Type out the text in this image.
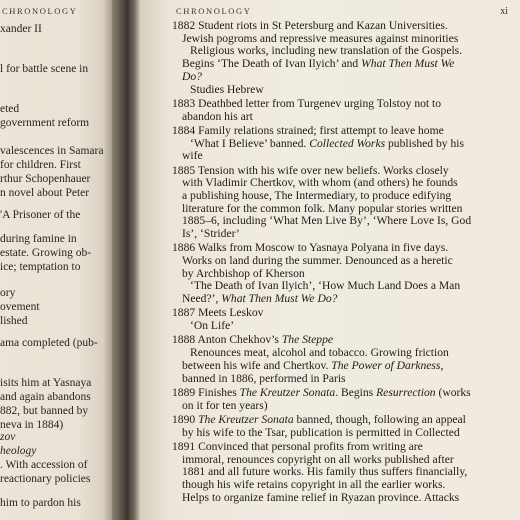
CHRONOLOGY
xander II
l for battle scene in
eted
government reform
valescences in Samara
for children. First
rthur Schopenhauer
n novel about Peter
'A Prisoner of the
during famine in
estate. Growing ob-
ice; temptation to
ory
ovement
lished
ama completed (pub-
isits him at Yasnaya
and again abandons
882, but banned by
neva in 1884)
zov
heology
. With accession of
reactionary policies
him to pardon his
CHRONOLOGY	xi
1882 Student riots in St Petersburg and Kazan Universities.
Jewish pogroms and repressive measures against minorities
Religious works, including new translation of the Gospels.
Begins ‘The Death of Ivan Ilyich’ and What Then Must We
Do?
Studies Hebrew
1883 Deathbed letter from Turgenev urging Tolstoy not to
abandon his art
1884 Family relations strained; first attempt to leave home
‘What I Believe’ banned. Collected Works published by his
wife
1885 Tension with his wife over new beliefs. Works closely
with Vladimir Chertkov, with whom (and others) he founds
a publishing house, The Intermediary, to produce edifying
literature for the common folk. Many popular stories written
1885–6, including ‘What Men Live By’, ‘Where Love Is, God
Is’, ‘Strider’
1886 Walks from Moscow to Yasnaya Polyana in five days.
Works on land during the summer. Denounced as a heretic
by Archbishop of Kherson
‘The Death of Ivan Ilyich’, ‘How Much Land Does a Man
Need?’, What Then Must We Do?
1887 Meets Leskov
‘On Life’
1888 Anton Chekhov’s The Steppe
Renounces meat, alcohol and tobacco. Growing friction
between his wife and Chertkov. The Power of Darkness,
banned in 1886, performed in Paris
1889 Finishes The Kreutzer Sonata. Begins Resurrection (works
on it for ten years)
1890 The Kreutzer Sonata banned, though, following an appeal
by his wife to the Tsar, publication is permitted in Collected
1891 Convinced that personal profits from writing are
immoral, renounces copyright on all works published after
1881 and all future works. His family thus suffers financially,
though his wife retains copyright in all the earlier works.
Helps to organize famine relief in Ryazan province. Attacks
